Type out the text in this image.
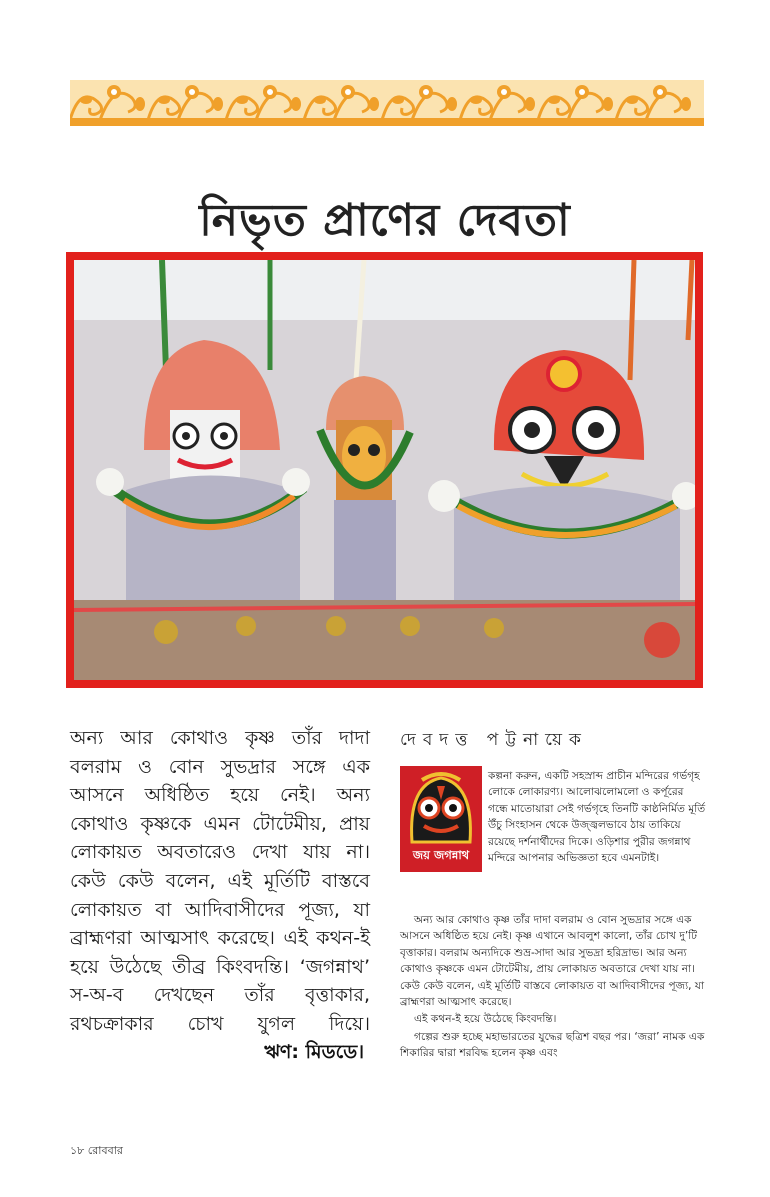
নিভৃত প্রাণের দেবতা

অন্য আর কোথাও কৃষ্ণ তাঁর দাদা বলরাম ও বোন সুভদ্রার সঙ্গে এক আসনে অধিষ্ঠিত হয়ে নেই। অন্য কোথাও কৃষ্ণকে এমন টোটেমীয়, প্রায় লোকায়ত অবতারেও দেখা যায় না। কেউ কেউ বলেন, এই মূর্তিটি বাস্তবে লোকায়ত বা আদিবাসীদের পূজ্য, যা ব্রাহ্মণরা আত্মসাৎ করেছে। এই কথন-ই হয়ে উঠেছে তীব্র কিংবদন্তি। ‘জগন্নাথ’ স-অ-ব দেখছেন তাঁর বৃত্তাকার, রথচক্রাকার চোখ যুগল দিয়ে।

ঋণ: মিডডে।
দেবদত্ত পট্টনায়েক
জয় জগন্নাথ

কল্পনা করুন, একটি সহস্রাব্দ প্রাচীন মন্দিরের গর্ভগৃহ লোকে লোকারণ্য। আলোঝলোমলো ও কর্পূরের গন্ধে মাতোয়ারা সেই গর্ভগৃহে তিনটি কাষ্ঠনির্মিত মূর্তি উঁচু সিংহাসন থেকে উজ্জ্বলভাবে ঠায় তাকিয়ে রয়েছে দর্শনার্থীদের দিকে। ওড়িশার পুরীর জগন্নাথ মন্দিরে আপনার অভিজ্ঞতা হবে এমনটাই।

অন্য আর কোথাও কৃষ্ণ তাঁর দাদা বলরাম ও বোন সুভদ্রার সঙ্গে এক আসনে অধিষ্ঠিত হয়ে নেই। কৃষ্ণ এখানে আবলুশ কালো, তাঁর চোখ দু’টি বৃত্তাকার। বলরাম অন্যদিকে শুভ্র-সাদা আর সুভদ্রা হরিদ্রাভ। আর অন্য কোথাও কৃষ্ণকে এমন টোটেমীয়, প্রায় লোকায়ত অবতারে দেখা যায় না। কেউ কেউ বলেন, এই মূর্তিটি বাস্তবে লোকায়ত বা আদিবাসীদের পূজ্য, যা ব্রাহ্মণরা আত্মসাৎ করেছে।

এই কথন-ই হয়ে উঠেছে কিংবদন্তি।

গল্পের শুরু হচ্ছে মহাভারতের যুদ্ধের ছত্রিশ বছর পর। ‘জরা’ নামক এক শিকারির দ্বারা শরবিদ্ধ হলেন কৃষ্ণ এবং

১৮ রোববার
